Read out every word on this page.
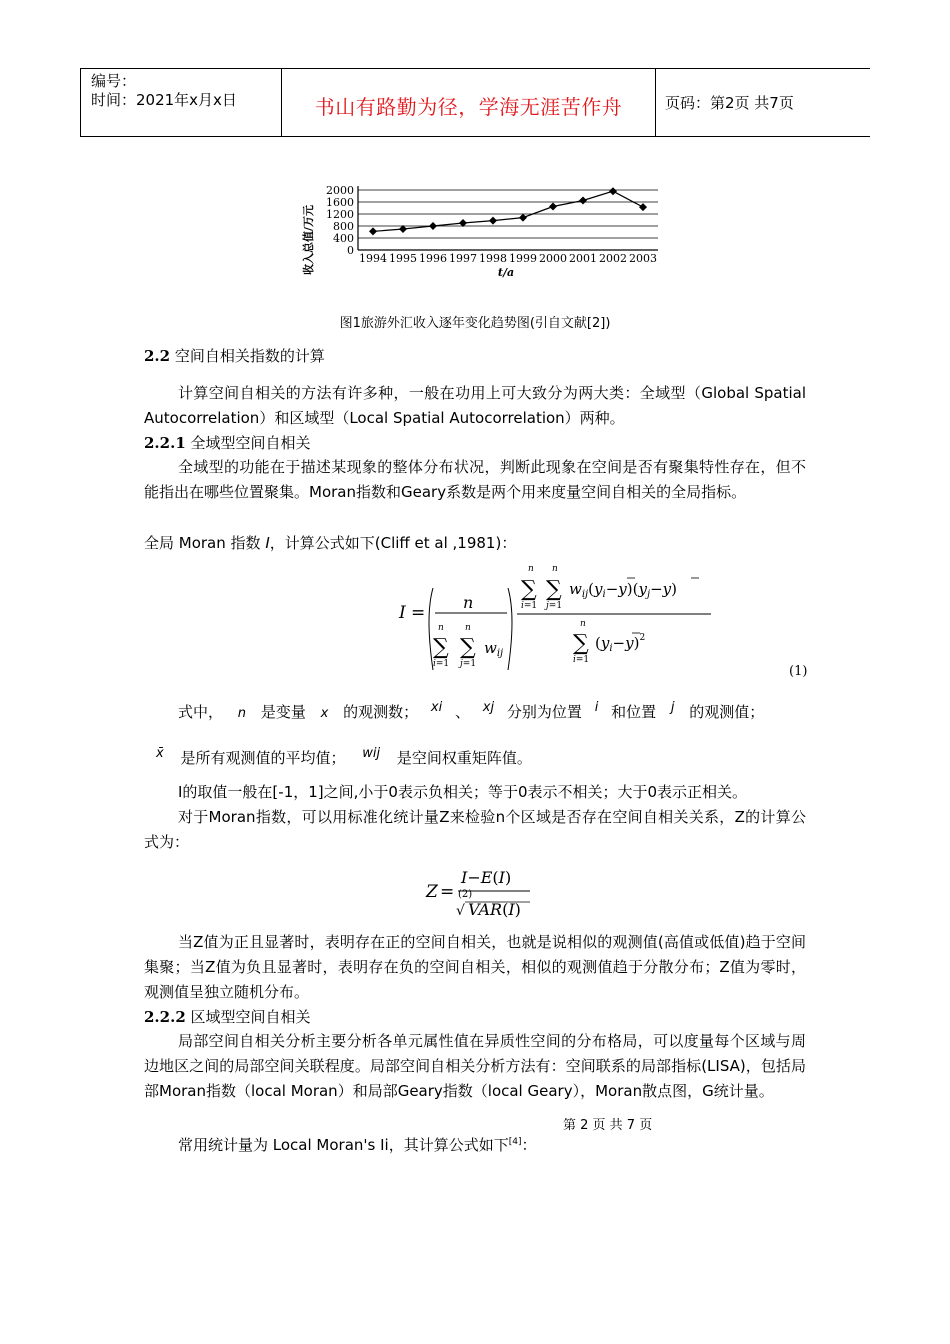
编号：
时间：2021年x月x日	书山有路勤为径，学海无涯苦作舟	页码：第2页 共7页
收入总值/万元	0
400
800
1200
1600
2000
1994 1995 1996 1997 1998 1999 2000 2001 2002 2003
t/a
图1旅游外汇收入逐年变化趋势图(引自文献[2])
2.2 空间自相关指数的计算
计算空间自相关的方法有许多种，一般在功用上可大致分为两大类：全域型（Global Spatial Autocorrelation）和区域型（Local Spatial Autocorrelation）两种。
2.2.1 全域型空间自相关
全域型的功能在于描述某现象的整体分布状况，判断此现象在空间是否有聚集特性存在，但不能指出在哪些位置聚集。Moran指数和Geary系数是两个用来度量空间自相关的全局指标。
全局 Moran 指数 I，计算公式如下(Cliff et al ,1981)：
I =
n
n
∑
i=1
n
∑
j=1
$w_{ij}$
n
∑
i=1
n
∑
j=1
$w_{ij}(y_i-y)(y_j-y)$
n
∑
i=1
$(y_i-y)^2$
(1)
式中， n 是变量 x 的观测数； xi 、 xj 分别为位置 i 和位置 j 的观测值；
x̄ 是所有观测值的平均值； wij 是空间权重矩阵值。
I的取值一般在[-1，1]之间,小于0表示负相关；等于0表示不相关；大于0表示正相关。
对于Moran指数，可以用标准化统计量Z来检验n个区域是否存在空间自相关关系，Z的计算公式为：
Z =
I−E(I)
√ VAR(I)
(2)
当Z值为正且显著时，表明存在正的空间自相关，也就是说相似的观测值(高值或低值)趋于空间集聚；当Z值为负且显著时，表明存在负的空间自相关，相似的观测值趋于分散分布；Z值为零时，观测值呈独立随机分布。
2.2.2 区域型空间自相关
局部空间自相关分析主要分析各单元属性值在异质性空间的分布格局，可以度量每个区域与周边地区之间的局部空间关联程度。局部空间自相关分析方法有：空间联系的局部指标(LISA)，包括局部Moran指数（local Moran）和局部Geary指数（local Geary），Moran散点图，G统计量。
常用统计量为 Local Moran's Ii，其计算公式如下[4]：
第 2 页 共 7 页
